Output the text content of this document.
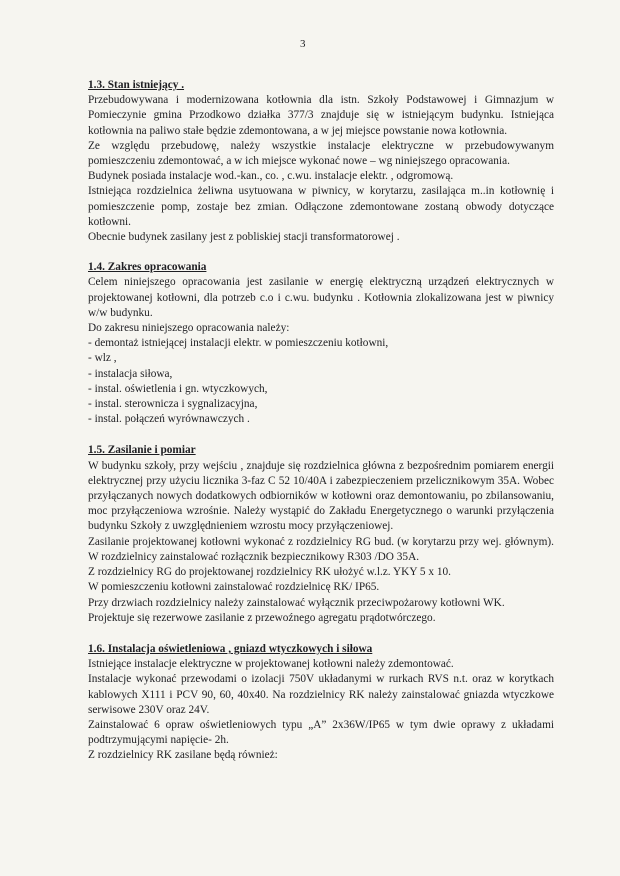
3
1.3. Stan istniejący .

Przebudowywana i modernizowana kotłownia dla istn. Szkoły Podstawowej i Gimnazjum w Pomieczynie gmina Przodkowo działka 377/3 znajduje się w istniejącym budynku. Istniejąca kotłownia na paliwo stałe będzie zdemontowana, a w jej miejsce powstanie nowa kotłownia.

Ze względu przebudowę, należy wszystkie instalacje elektryczne w przebudowywanym pomieszczeniu zdemontować, a w ich miejsce wykonać nowe – wg niniejszego opracowania.

Budynek posiada instalacje wod.-kan., co. , c.wu. instalacje elektr. , odgromową.

Istniejąca rozdzielnica żeliwna usytuowana w piwnicy, w korytarzu, zasilająca m..in kotłownię i pomieszczenie pomp, zostaje bez zmian. Odłączone zdemontowane zostaną obwody dotyczące kotłowni.

Obecnie budynek zasilany jest z pobliskiej stacji transformatorowej .

1.4. Zakres opracowania

Celem niniejszego opracowania jest zasilanie w energię elektryczną urządzeń elektrycznych w projektowanej kotłowni, dla potrzeb c.o i c.wu. budynku . Kotłownia zlokalizowana jest w piwnicy w/w budynku.

Do zakresu niniejszego opracowania należy:

- demontaż istniejącej instalacji elektr. w pomieszczeniu kotłowni,
- wlz ,
- instalacja siłowa,
- instal. oświetlenia i gn. wtyczkowych,
- instal. sterownicza i sygnalizacyjna,
- instal. połączeń wyrównawczych .
1.5. Zasilanie i pomiar

W budynku szkoły, przy wejściu , znajduje się rozdzielnica główna z bezpośrednim pomiarem energii elektrycznej przy użyciu licznika 3-faz C 52 10/40A i zabezpieczeniem przelicznikowym 35A. Wobec przyłączanych nowych dodatkowych odbiorników w kotłowni oraz demontowaniu, po zbilansowaniu, moc przyłączeniowa wzrośnie. Należy wystąpić do Zakładu Energetycznego o warunki przyłączenia budynku Szkoły z uwzględnieniem wzrostu mocy przyłączeniowej.

Zasilanie projektowanej kotłowni wykonać z rozdzielnicy RG bud. (w korytarzu przy wej. głównym). W rozdzielnicy zainstalować rozłącznik bezpiecznikowy R303 /DO 35A.

Z rozdzielnicy RG do projektowanej rozdzielnicy RK ułożyć w.l.z. YKY 5 x 10.

W pomieszczeniu kotłowni zainstalować rozdzielnicę RK/ IP65.

Przy drzwiach rozdzielnicy należy zainstalować wyłącznik przeciwpożarowy kotłowni WK.

Projektuje się rezerwowe zasilanie z przewoźnego agregatu prądotwórczego.

1.6. Instalacja oświetleniowa , gniazd wtyczkowych i siłowa

Istniejące instalacje elektryczne w projektowanej kotłowni należy zdemontować.

Instalacje wykonać przewodami o izolacji 750V układanymi w rurkach RVS n.t. oraz w korytkach kablowych X111 i PCV 90, 60, 40x40. Na rozdzielnicy RK należy zainstalować gniazda wtyczkowe serwisowe 230V oraz 24V.

Zainstalować 6 opraw oświetleniowych typu „A” 2x36W/IP65 w tym dwie oprawy z układami podtrzymującymi napięcie- 2h.

Z rozdzielnicy RK zasilane będą również:
